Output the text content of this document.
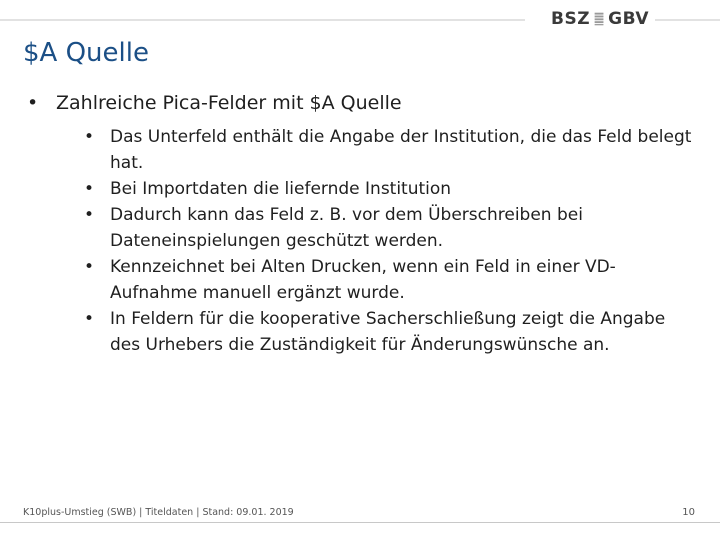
BSZ GBV
$A Quelle
• Zahlreiche Pica-Felder mit $A Quelle
• Das Unterfeld enthält die Angabe der Institution, die das Feld belegt hat.
• Bei Importdaten die liefernde Institution
• Dadurch kann das Feld z. B. vor dem Überschreiben bei Dateneinspielungen geschützt werden.
• Kennzeichnet bei Alten Drucken, wenn ein Feld in einer VD-Aufnahme manuell ergänzt wurde.
• In Feldern für die kooperative Sacherschließung zeigt die Angabe des Urhebers die Zuständigkeit für Änderungswünsche an.
K10plus-Umstieg (SWB) | Titeldaten | Stand: 09.01. 2019	10
